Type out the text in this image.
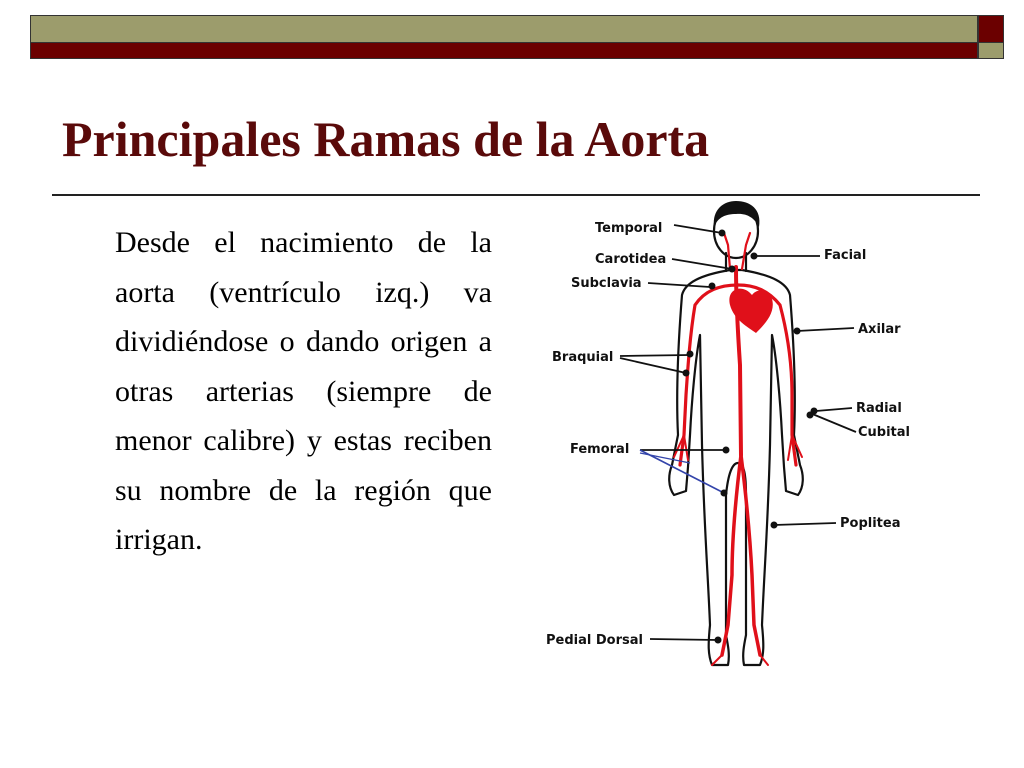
Principales Ramas de la Aorta

Desde el nacimiento de la aorta (ventrículo izq.) va dividiéndose o dando origen a otras arterias (siempre de menor calibre) y estas reciben su nombre de la región que irrigan.

Temporal
Carotidea
Subclavia
Braquial
Femoral
Pedial Dorsal
Facial
Axilar
Radial
Cubital
Poplitea
